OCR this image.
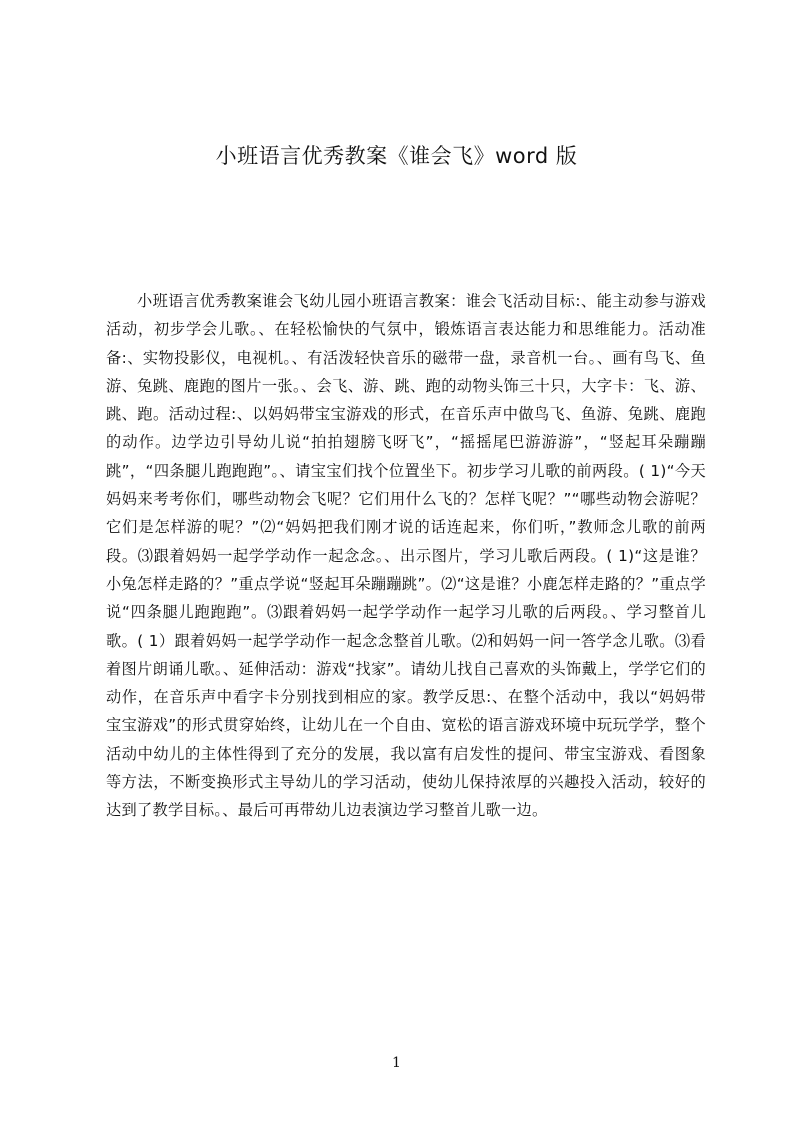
小班语言优秀教案《谁会飞》word 版

小班语言优秀教案谁会飞幼儿园小班语言教案：谁会飞活动目标:、能主动参与游戏活动，初步学会儿歌。、在轻松愉快的气氛中，锻炼语言表达能力和思维能力。活动准备:、实物投影仪，电视机。、有活泼轻快音乐的磁带一盘，录音机一台。、画有鸟飞、鱼游、兔跳、鹿跑的图片一张。、会飞、游、跳、跑的动物头饰三十只，大字卡：飞、游、跳、跑。活动过程:、以妈妈带宝宝游戏的形式，在音乐声中做鸟飞、鱼游、兔跳、鹿跑的动作。边学边引导幼儿说“拍拍翅膀飞呀飞”，“摇摇尾巴游游游”，“竖起耳朵蹦蹦跳”，“四条腿儿跑跑跑”。、请宝宝们找个位置坐下。初步学习儿歌的前两段。( 1)“今天妈妈来考考你们，哪些动物会飞呢？它们用什么飞的？怎样飞呢？”“哪些动物会游呢？它们是怎样游的呢？”⑵“妈妈把我们刚才说的话连起来，你们听，”教师念儿歌的前两段。⑶跟着妈妈一起学学动作一起念念。、出示图片，学习儿歌后两段。( 1)“这是谁？小兔怎样走路的？”重点学说“竖起耳朵蹦蹦跳”。⑵“这是谁？小鹿怎样走路的？”重点学说“四条腿儿跑跑跑”。⑶跟着妈妈一起学学动作一起学习儿歌的后两段。、学习整首儿歌。( 1）跟着妈妈一起学学动作一起念念整首儿歌。⑵和妈妈一问一答学念儿歌。⑶看着图片朗诵儿歌。、延伸活动：游戏“找家”。请幼儿找自己喜欢的头饰戴上，学学它们的动作，在音乐声中看字卡分别找到相应的家。教学反思:、在整个活动中，我以“妈妈带宝宝游戏”的形式贯穿始终，让幼儿在一个自由、宽松的语言游戏环境中玩玩学学，整个活动中幼儿的主体性得到了充分的发展，我以富有启发性的提问、带宝宝游戏、看图象等方法，不断变换形式主导幼儿的学习活动，使幼儿保持浓厚的兴趣投入活动，较好的达到了教学目标。、最后可再带幼儿边表演边学习整首儿歌一边。

1
